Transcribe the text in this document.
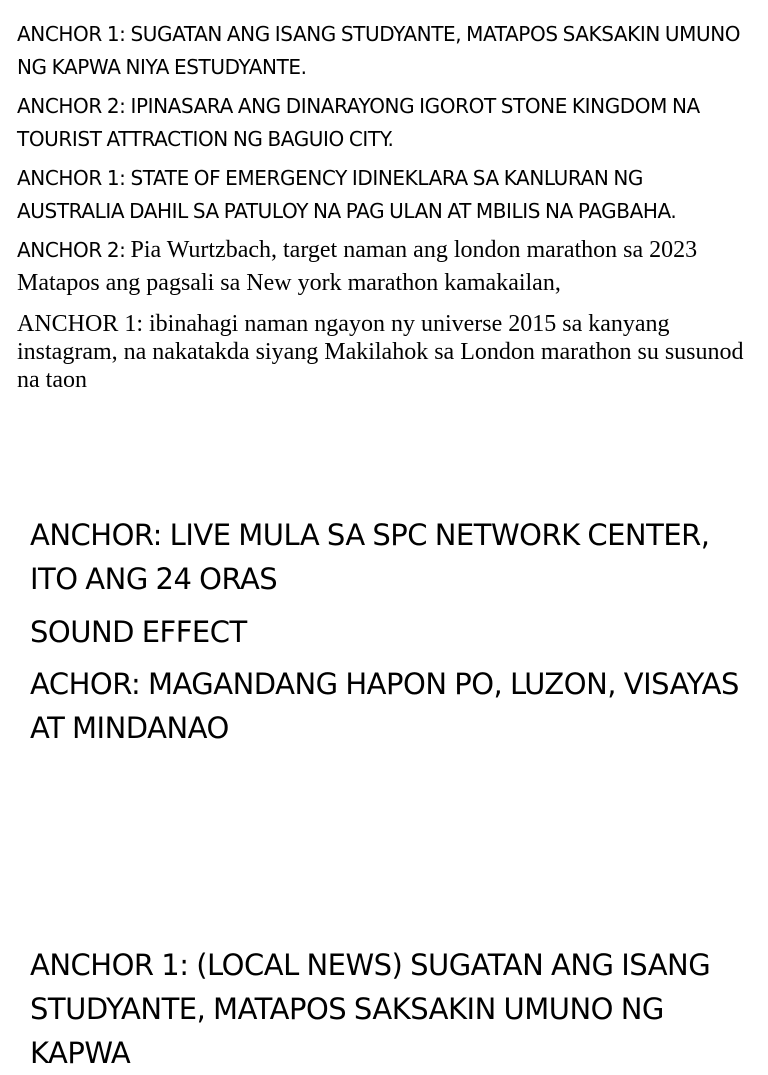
ANCHOR 1: SUGATAN ANG ISANG STUDYANTE, MATAPOS SAKSAKIN UMUNO NG KAPWA NIYA ESTUDYANTE.

ANCHOR 2: IPINASARA ANG DINARAYONG IGOROT STONE KINGDOM NA TOURIST ATTRACTION NG BAGUIO CITY.

ANCHOR 1: STATE OF EMERGENCY IDINEKLARA SA KANLURAN NG AUSTRALIA DAHIL SA PATULOY NA PAG ULAN AT MBILIS NA PAGBAHA.

ANCHOR 2: Pia Wurtzbach, target naman ang london marathon sa 2023 Matapos ang pagsali sa New york marathon kamakailan,

ANCHOR 1: ibinahagi naman ngayon ny universe 2015 sa kanyang instagram, na nakatakda siyang Makilahok sa London marathon su susunod na taon

ANCHOR: LIVE MULA SA SPC NETWORK CENTER, ITO ANG 24 ORAS

SOUND EFFECT

ACHOR: MAGANDANG HAPON PO, LUZON, VISAYAS AT MINDANAO

ANCHOR 1: (LOCAL NEWS) SUGATAN ANG ISANG STUDYANTE, MATAPOS SAKSAKIN UMUNO NG KAPWA
